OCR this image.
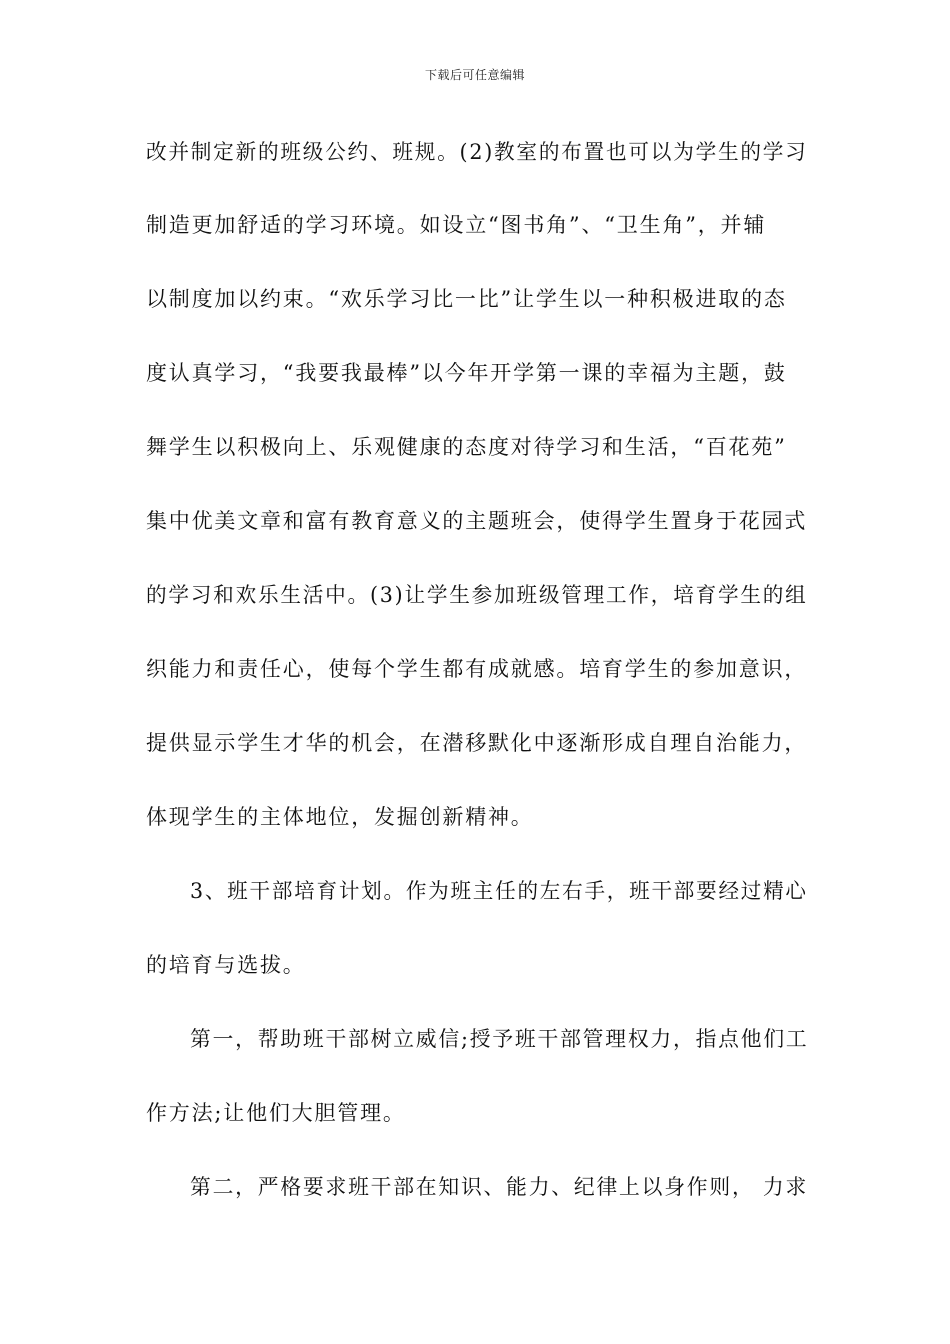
下载后可任意编辑
改并制定新的班级公约、班规。(2)教室的布置也可以为学生的学习
制造更加舒适的学习环境。如设立“图书角”、“卫生角”，并辅
以制度加以约束。“欢乐学习比一比”让学生以一种积极进取的态
度认真学习，“我要我最棒”以今年开学第一课的幸福为主题，鼓
舞学生以积极向上、乐观健康的态度对待学习和生活，“百花苑”
集中优美文章和富有教育意义的主题班会，使得学生置身于花园式
的学习和欢乐生活中。(3)让学生参加班级管理工作，培育学生的组
织能力和责任心，使每个学生都有成就感。培育学生的参加意识，
提供显示学生才华的机会，在潜移默化中逐渐形成自理自治能力，
体现学生的主体地位，发掘创新精神。
3、班干部培育计划。作为班主任的左右手，班干部要经过精心
的培育与选拔。
第一，帮助班干部树立威信;授予班干部管理权力，指点他们工
作方法;让他们大胆管理。
第二，严格要求班干部在知识、能力、纪律上以身作则， 力求
